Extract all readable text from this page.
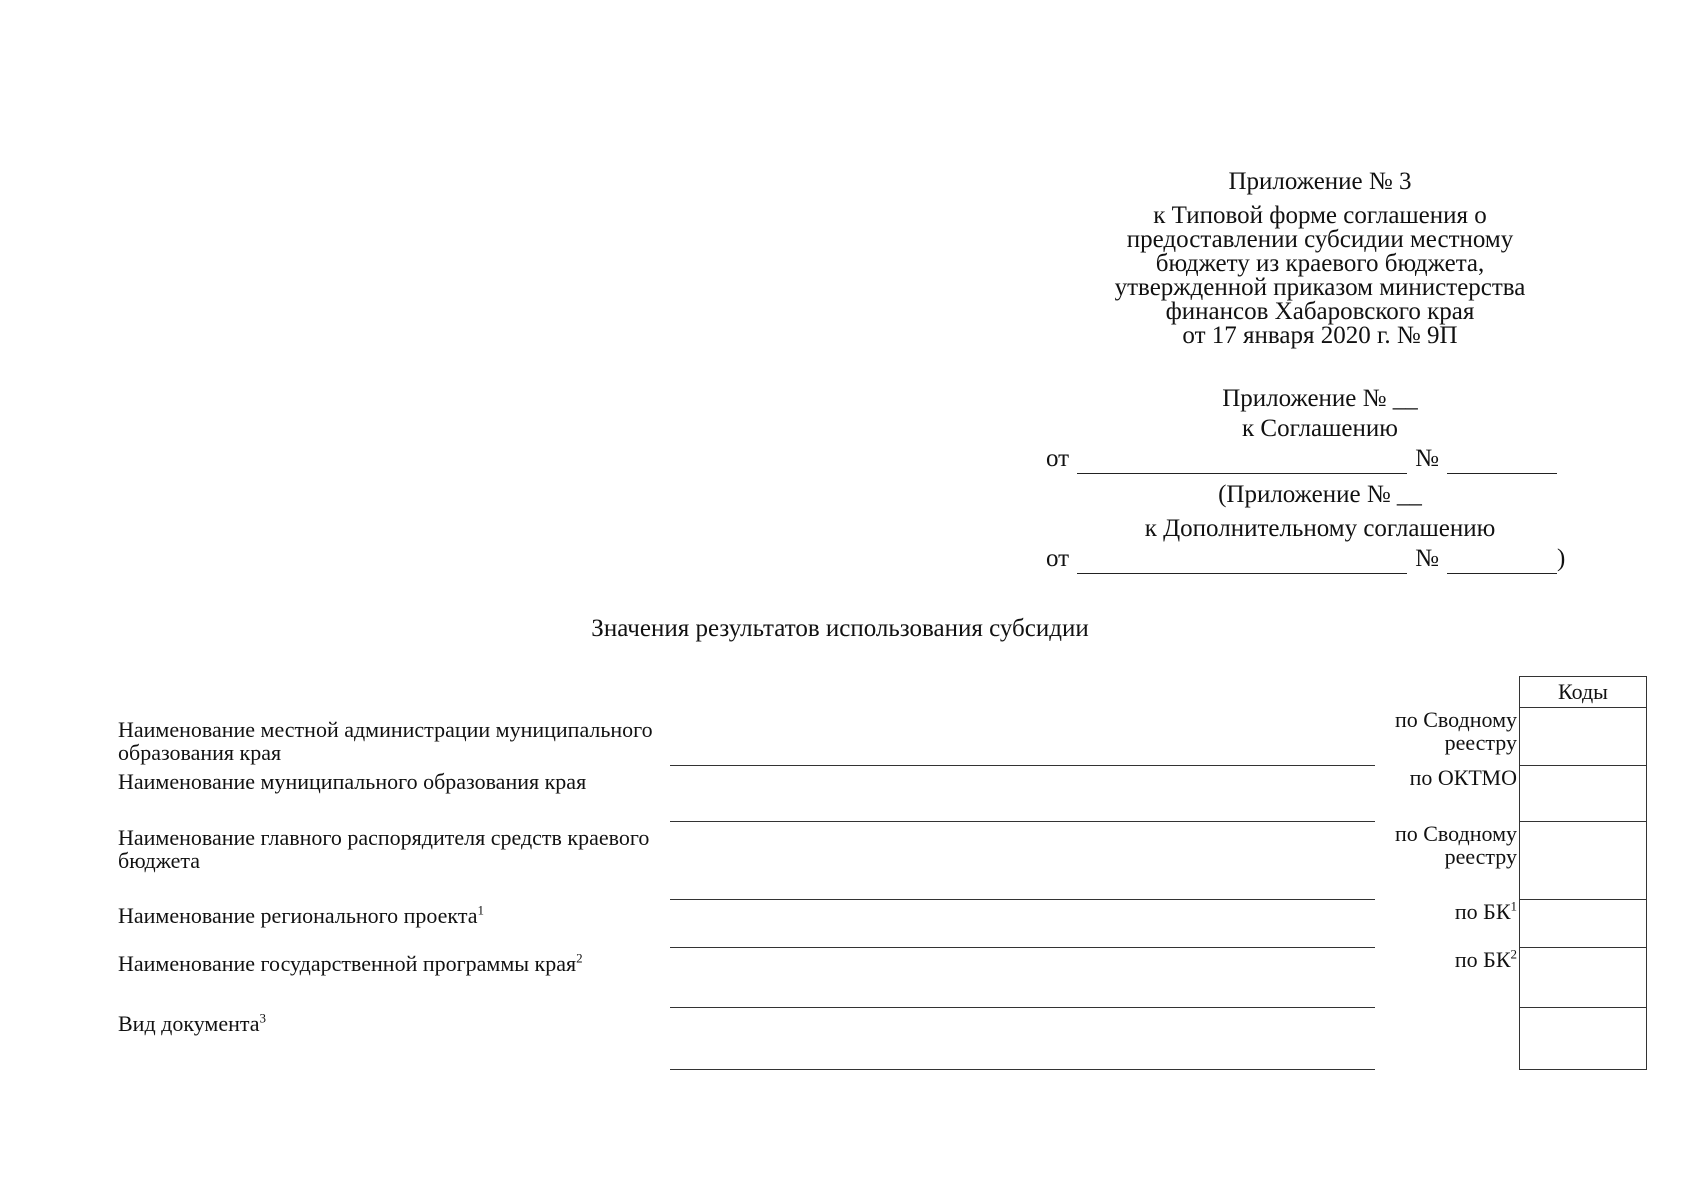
Приложение № 3
к Типовой форме соглашения о
предоставлении субсидии местному
бюджету из краевого бюджета,
утвержденной приказом министерства
финансов Хабаровского края
от 17 января 2020 г. № 9П
Приложение № __
к Соглашению
от	№
(Приложение № __
к Дополнительному соглашению
от	№	)
Значения результатов использования субсидии
				Коды
Наименование местной администрации муниципального образования края			по Сводному реестру	
Наименование муниципального образования края			по ОКТМО	
Наименование главного распорядителя средств краевого бюджета			по Сводному реестру	
Наименование регионального проекта$^1$			по $БК^1$	
Наименование государственной программы края$^2$			по $БК^2$	
Вид документа$^3$				
